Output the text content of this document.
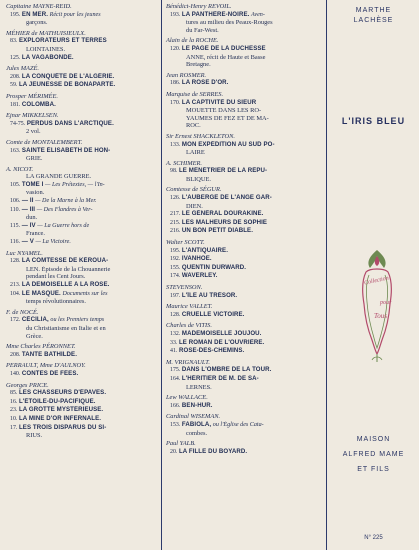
Capitaine MAYNE-REID.
195. EN MER. Récit pour les jeunes
garçons.
MÉHIER de MATHUISIEULX.
83. EXPLORATEURS ET TERRES
LOINTAINES.
125. LA VAGABONDE.
Jules MAZÉ.
208. LA CONQUÊTE DE L'ALGÉRIE.
59. LA JEUNESSE DE BONAPARTE.
Prosper MÉRIMÉE.
181. COLOMBA.
Ejnar MIKKELSEN.
74-75. PERDUS DANS L'ARCTIQUE.
2 vol.
Comte de MONTALEMBERT.
163. SAINTE ÉLISABETH DE HON-
GRIE.
A. NICOT.
LA GRANDE GUERRE.
105. TOME I — Les Prétextes, — l'In-
vasion.
106. — II — De la Marne à la Mer.
110. — III — Des Flandres à Ver-
dun.
115. — IV — La Guerre hors de
France.
116. — V — La Victoire.
Luc NYAMEL.
128. LA COMTESSE DE KÉROUA-
LEN. Épisode de la Chouannerie
pendant les Cent Jours.
213. LA DEMOISELLE A LA ROSE.
104. LE MASQUE. Documents sur les
temps révolutionnaires.
F. de NOCÉ.
172. CÉCILIA, ou les Premiers temps
du Christianisme en Italie et en
Grèce.
Mme Charles PÉRONNET.
208. TANTE BATHILDE.
PERRAULT, Mme D'AULNOY.
140. CONTES DE FÉES.
Georges PRICE.
85. LES CHASSEURS D'ÉPAVES.
16. L'ÉTOILE-DU-PACIFIQUE.
23. LA GROTTE MYSTÉRIEUSE.
10. LA MINE D'OR INFERNALE.
17. LES TROIS DISPARUS DU SI-
RIUS.
Bénédict-Henry REVOIL.
193. LA PANTHÈRE-NOIRE. Aven-
tures au milieu des Peaux-Rouges
du Far-West.
Alain de la ROCHE.
120. LE PAGE DE LA DUCHESSE
ANNE, récit de Haute et Basse
Bretagne.
Jean ROSMER.
186. LA ROSE D'OR.
Marquise de SERRES.
170. LA CAPTIVITÉ DU SIEUR
MOUETTE DANS LES RO-
YAUMES DE FEZ ET DE MA-
ROC.
Sir Ernest SHACKLETON.
133. MON EXPÉDITION AU SUD PO-
LAIRE
A. SCHIMER.
98. LE MÉNÉTRIER DE LA RÉPU-
BLIQUE.
Comtesse de SÉGUR.
126. L'AUBERGE DE L'ANGE GAR-
DIEN.
217. LE GÉNÉRAL DOURAKINE.
215. LES MALHEURS DE SOPHIE
216. UN BON PETIT DIABLE.
Walter SCOTT.
195. L'ANTIQUAIRE.
192. IVANHOE.
155. QUENTIN DURWARD.
174. WAVERLEY.
STEVENSON.
197. L'ÎLE AU TRÉSOR.
Maurice VALLET.
128. CRUELLE VICTOIRE.
Charles de VITIS.
132. MADEMOISELLE JOUJOU.
33. LE ROMAN DE L'OUVRIÈRE.
41. ROSE-DES-CHEMINS.
M. VRIGNAULT.
175. DANS L'OMBRE DE LA TOUR.
164. L'HÉRITIER DE M. DE SA-
LERNES.
Lew WALLACE.
166. BEN-HUR.
Cardinal WISEMAN.
153. FABIOLA, ou l'Église des Cata-
combes.
Paul YALB.
20. LA FILLE DU BOYARD.
MARTHE
LACHÈSE
L'IRIS BLEU
Collection
pour
Tous
MAISON
ALFRED MAME
ET FILS
N° 225
